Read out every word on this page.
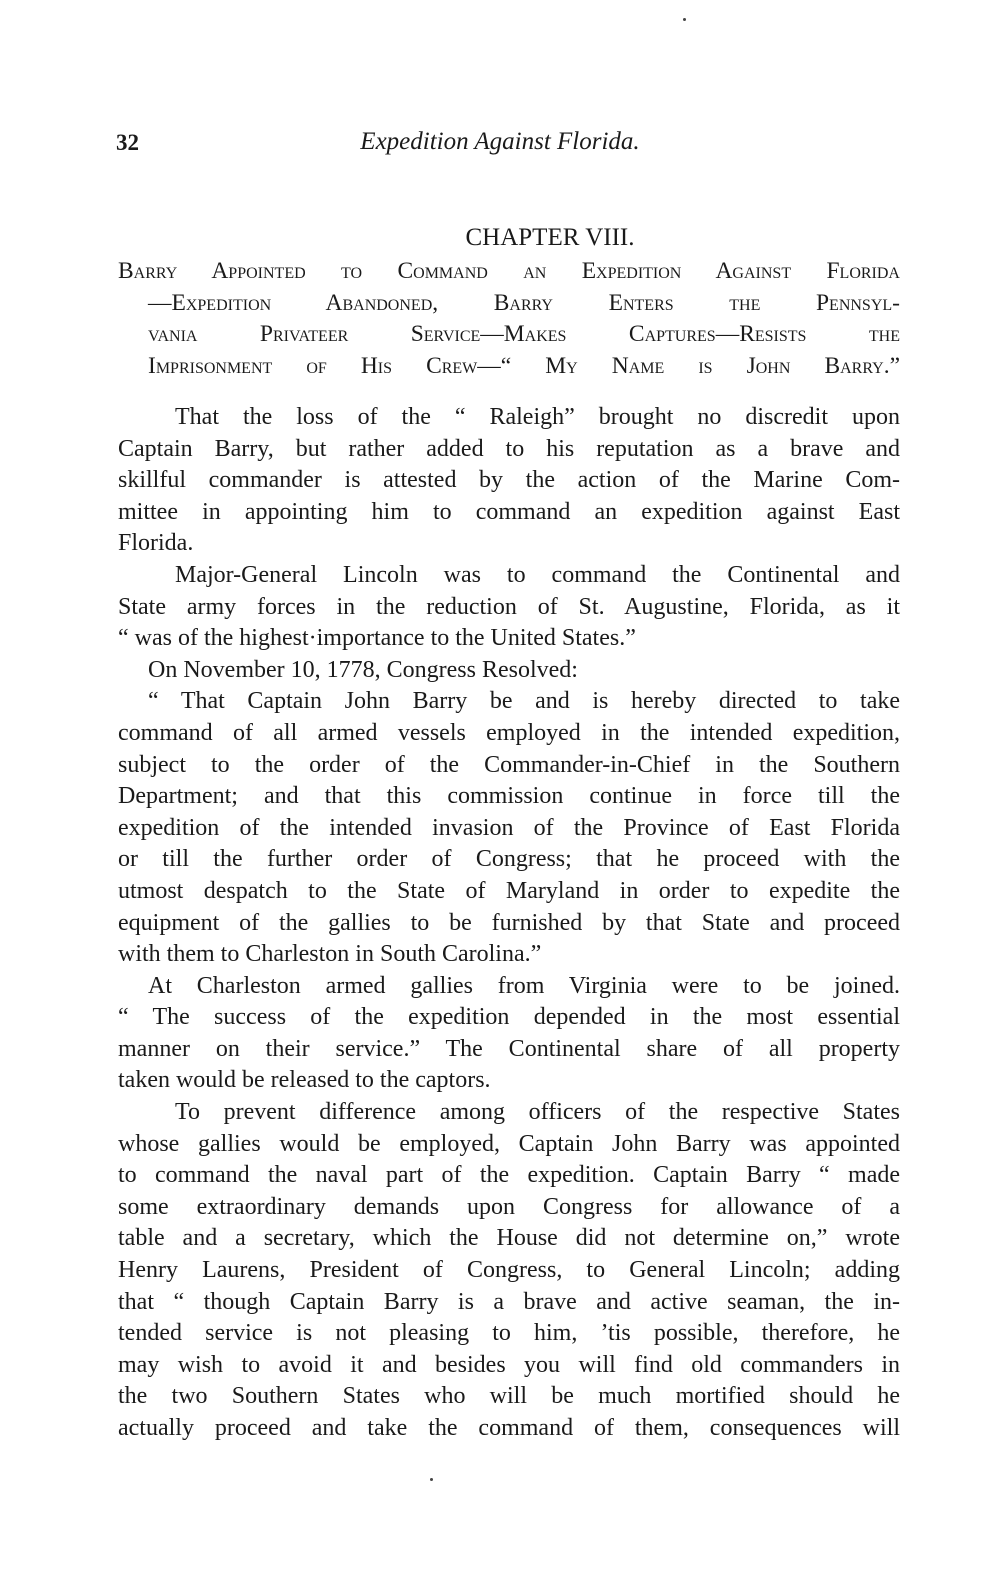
32	Expedition Against Florida.
CHAPTER VIII.
Barry Appointed to Command an Expedition Against Florida
—Expedition Abandoned, Barry Enters the Pennsyl-
vania Privateer Service—Makes Captures—Resists the
Imprisonment of His Crew—“ My Name is John Barry.”
That the loss of the “ Raleigh” brought no discredit upon
Captain Barry, but rather added to his reputation as a brave and
skillful commander is attested by the action of the Marine Com-
mittee in appointing him to command an expedition against East
Florida.
Major-General Lincoln was to command the Continental and
State army forces in the reduction of St. Augustine, Florida, as it
“ was of the highest·importance to the United States.”
On November 10, 1778, Congress Resolved:
“ That Captain John Barry be and is hereby directed to take
command of all armed vessels employed in the intended expedition,
subject to the order of the Commander-in-Chief in the Southern
Department; and that this commission continue in force till the
expedition of the intended invasion of the Province of East Florida
or till the further order of Congress; that he proceed with the
utmost despatch to the State of Maryland in order to expedite the
equipment of the gallies to be furnished by that State and proceed
with them to Charleston in South Carolina.”
At Charleston armed gallies from Virginia were to be joined.
“ The success of the expedition depended in the most essential
manner on their service.” The Continental share of all property
taken would be released to the captors.
To prevent difference among officers of the respective States
whose gallies would be employed, Captain John Barry was appointed
to command the naval part of the expedition. Captain Barry “ made
some extraordinary demands upon Congress for allowance of a
table and a secretary, which the House did not determine on,” wrote
Henry Laurens, President of Congress, to General Lincoln; adding
that “ though Captain Barry is a brave and active seaman, the in-
tended service is not pleasing to him, ’tis possible, therefore, he
may wish to avoid it and besides you will find old commanders in
the two Southern States who will be much mortified should he
actually proceed and take the command of them, consequences will
